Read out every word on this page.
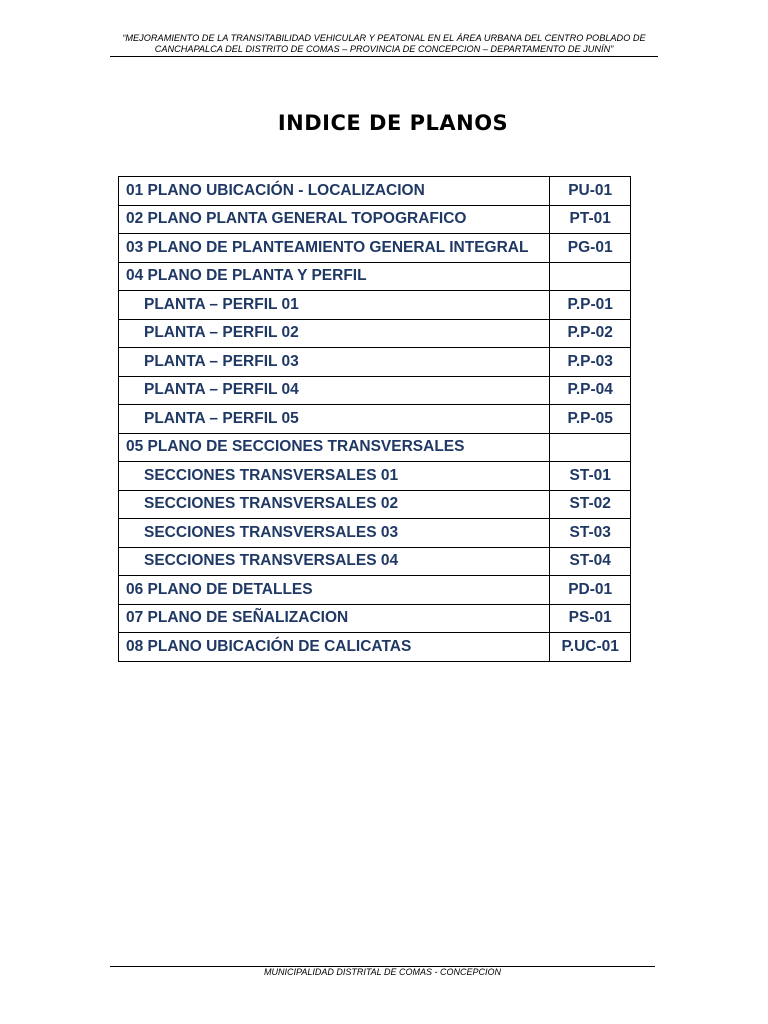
“MEJORAMIENTO DE LA TRANSITABILIDAD VEHICULAR Y PEATONAL EN EL ÁREA URBANA DEL CENTRO POBLADO DE
CANCHAPALCA DEL DISTRITO DE COMAS – PROVINCIA DE CONCEPCION – DEPARTAMENTO DE JUNÍN”
INDICE DE PLANOS
01 PLANO UBICACIÓN - LOCALIZACION	PU-01
02 PLANO PLANTA GENERAL TOPOGRAFICO	PT-01
03 PLANO DE PLANTEAMIENTO GENERAL INTEGRAL	PG-01
04 PLANO DE PLANTA Y PERFIL	
PLANTA – PERFIL 01	P.P-01
PLANTA – PERFIL 02	P.P-02
PLANTA – PERFIL 03	P.P-03
PLANTA – PERFIL 04	P.P-04
PLANTA – PERFIL 05	P.P-05
05 PLANO DE SECCIONES TRANSVERSALES	
SECCIONES TRANSVERSALES 01	ST-01
SECCIONES TRANSVERSALES 02	ST-02
SECCIONES TRANSVERSALES 03	ST-03
SECCIONES TRANSVERSALES 04	ST-04
06 PLANO DE DETALLES	PD-01
07 PLANO DE SEÑALIZACION	PS-01
08 PLANO UBICACIÓN DE CALICATAS	P.UC-01
MUNICIPALIDAD DISTRITAL DE COMAS - CONCEPCION
